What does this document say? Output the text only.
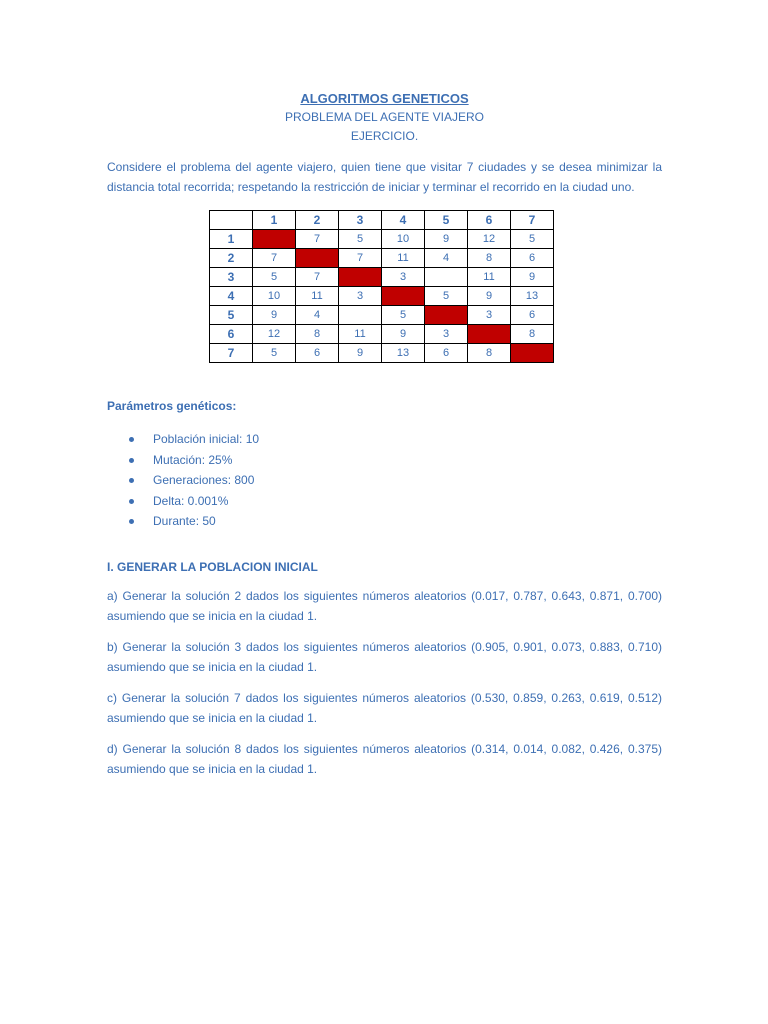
ALGORITMOS GENETICOS

PROBLEMA DEL AGENTE VIAJERO

EJERCICIO.

Considere el problema del agente viajero, quien tiene que visitar 7 ciudades y se desea minimizar la distancia total recorrida; respetando la restricción de iniciar y terminar el recorrido en la ciudad uno.

	1	2	3	4	5	6	7
1		7	5	10	9	12	5
2	7		7	11	4	8	6
3	5	7		3		11	9
4	10	11	3		5	9	13
5	9	4		5		3	6
6	12	8	11	9	3		8
7	5	6	9	13	6	8	

Parámetros genéticos:

Población inicial: 10
Mutación: 25%
Generaciones: 800
Delta: 0.001%
Durante: 50

I. GENERAR LA POBLACION INICIAL

a) Generar la solución 2 dados los siguientes números aleatorios (0.017, 0.787, 0.643, 0.871, 0.700) asumiendo que se inicia en la ciudad 1.

b) Generar la solución 3 dados los siguientes números aleatorios (0.905, 0.901, 0.073, 0.883, 0.710) asumiendo que se inicia en la ciudad 1.

c) Generar la solución 7 dados los siguientes números aleatorios (0.530, 0.859, 0.263, 0.619, 0.512) asumiendo que se inicia en la ciudad 1.

d) Generar la solución 8 dados los siguientes números aleatorios (0.314, 0.014, 0.082, 0.426, 0.375) asumiendo que se inicia en la ciudad 1.
